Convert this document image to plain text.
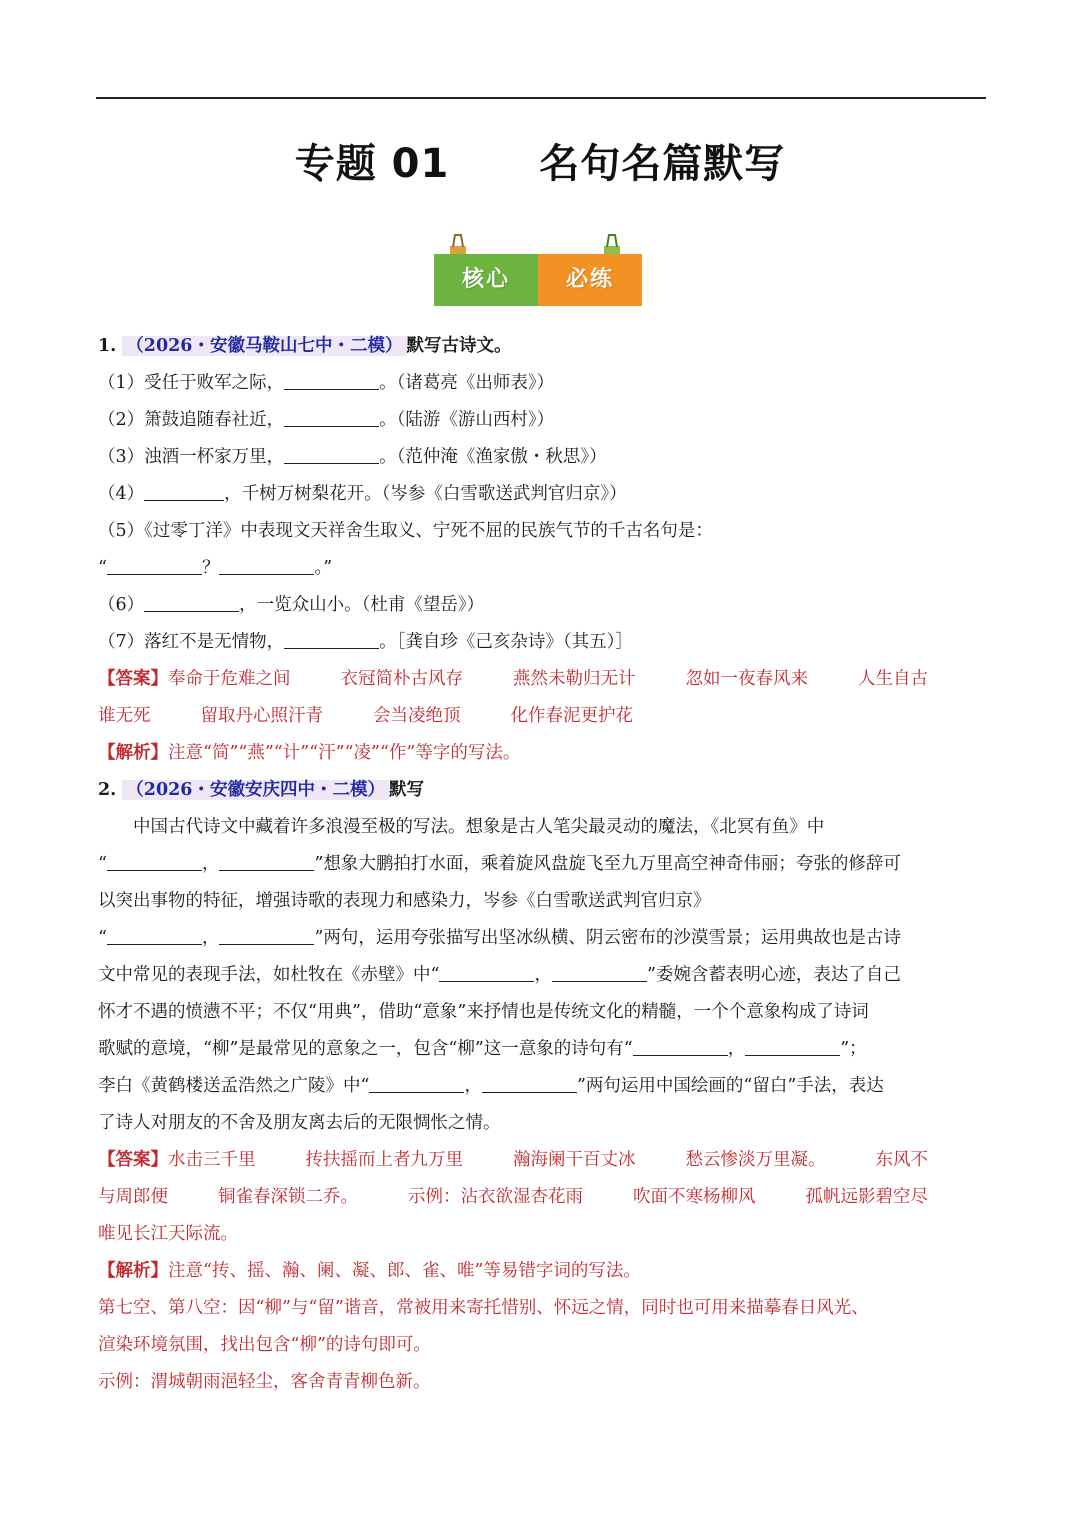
专题 01 名句名篇默写
核心	必练
1. （2026・安徽马鞍山七中・二模） 默写古诗文。
（1）受任于败军之际，	。（诸葛亮《出师表》）
（2）箫鼓追随春社近，	。（陆游《游山西村》）
（3）浊酒一杯家万里，	。（范仲淹《渔家傲・秋思》）
（4）	，千树万树梨花开。（岑参《白雪歌送武判官归京》）
（5）《过零丁洋》中表现文天祥舍生取义、宁死不屈的民族气节的千古名句是：
“	？	。”
（6）	，一览众山小。（杜甫《望岳》）
（7）落红不是无情物，	。［龚自珍《己亥杂诗》（其五）］
【答案】奉命于危难之间	衣冠简朴古风存	燕然未勒归无计	忽如一夜春风来	人生自古
谁无死	留取丹心照汗青	会当凌绝顶	化作春泥更护花
【解析】注意“简”“燕”“计”“汗”“凌”“作”等字的写法。
2. （2026・安徽安庆四中・二模） 默写
中国古代诗文中藏着许多浪漫至极的写法。想象是古人笔尖最灵动的魔法，《北冥有鱼》中
“	，	”想象大鹏拍打水面，乘着旋风盘旋飞至九万里高空神奇伟丽；夸张的修辞可
以突出事物的特征，增强诗歌的表现力和感染力，岑参《白雪歌送武判官归京》
“	，	”两句，运用夸张描写出坚冰纵横、阴云密布的沙漠雪景；运用典故也是古诗
文中常见的表现手法，如杜牧在《赤壁》中“	，	”委婉含蓄表明心迹，表达了自己
怀才不遇的愤懑不平；不仅“用典”，借助“意象”来抒情也是传统文化的精髓，一个个意象构成了诗词
歌赋的意境，“柳”是最常见的意象之一，包含“柳”这一意象的诗句有“	，	”；
李白《黄鹤楼送孟浩然之广陵》中“	，	”两句运用中国绘画的“留白”手法，表达
了诗人对朋友的不舍及朋友离去后的无限惆怅之情。
【答案】水击三千里	抟扶摇而上者九万里	瀚海阑干百丈冰	愁云惨淡万里凝。	东风不
与周郎便	铜雀春深锁二乔。	示例：沾衣欲湿杏花雨	吹面不寒杨柳风	孤帆远影碧空尽
唯见长江天际流。
【解析】注意“抟、摇、瀚、阑、凝、郎、雀、唯”等易错字词的写法。
第七空、第八空：因“柳”与“留”谐音，常被用来寄托惜别、怀远之情，同时也可用来描摹春日风光、
渲染环境氛围，找出包含“柳”的诗句即可。
示例：渭城朝雨浥轻尘，客舍青青柳色新。
